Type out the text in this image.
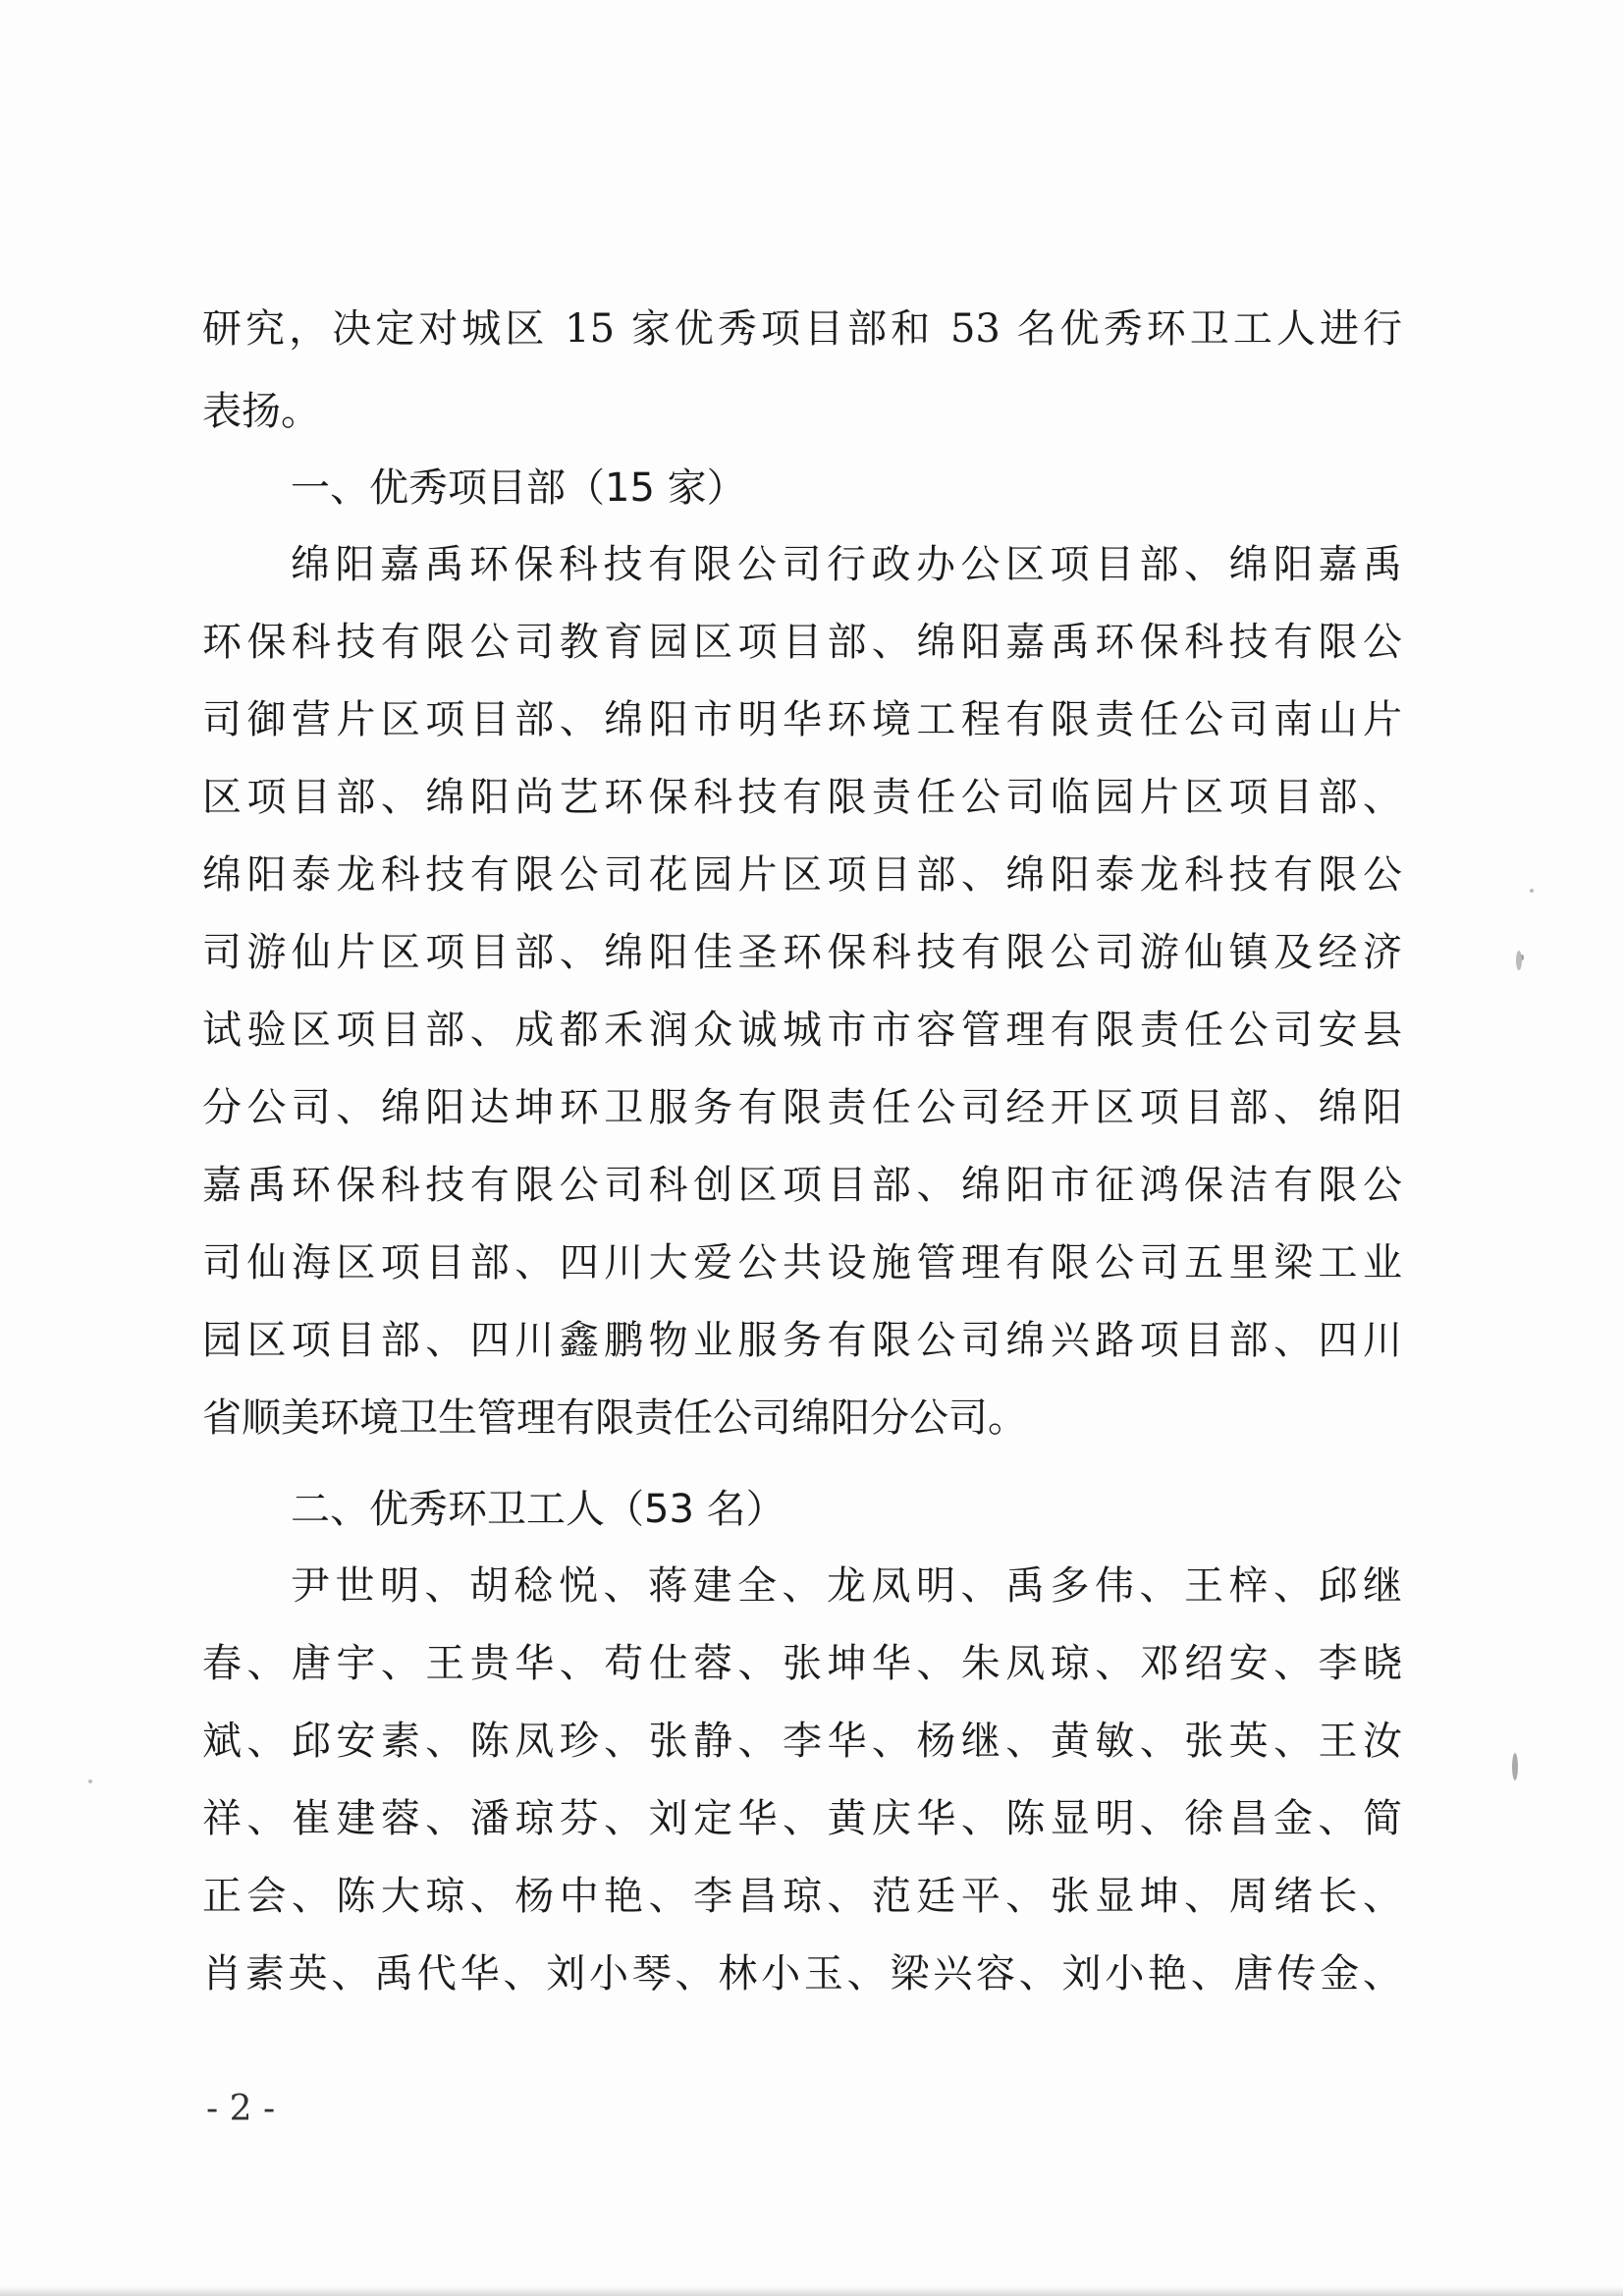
研究，决定对城区 15 家优秀项目部和 53 名优秀环卫工人进行
表扬。
一、优秀项目部（15 家）
绵阳嘉禹环保科技有限公司行政办公区项目部、绵阳嘉禹
环保科技有限公司教育园区项目部、绵阳嘉禹环保科技有限公
司御营片区项目部、绵阳市明华环境工程有限责任公司南山片
区项目部、绵阳尚艺环保科技有限责任公司临园片区项目部、
绵阳泰龙科技有限公司花园片区项目部、绵阳泰龙科技有限公
司游仙片区项目部、绵阳佳圣环保科技有限公司游仙镇及经济
试验区项目部、成都禾润众诚城市市容管理有限责任公司安县
分公司、绵阳达坤环卫服务有限责任公司经开区项目部、绵阳
嘉禹环保科技有限公司科创区项目部、绵阳市征鸿保洁有限公
司仙海区项目部、四川大爱公共设施管理有限公司五里梁工业
园区项目部、四川鑫鹏物业服务有限公司绵兴路项目部、四川
省顺美环境卫生管理有限责任公司绵阳分公司。
二、优秀环卫工人（53 名）
尹世明、胡稔悦、蒋建全、龙凤明、禹多伟、王梓、邱继
春、唐宇、王贵华、苟仕蓉、张坤华、朱凤琼、邓绍安、李晓
斌、邱安素、陈凤珍、张静、李华、杨继、黄敏、张英、王汝
祥、崔建蓉、潘琼芬、刘定华、黄庆华、陈显明、徐昌金、简
正会、陈大琼、杨中艳、李昌琼、范廷平、张显坤、周绪长、
肖素英、禹代华、刘小琴、林小玉、梁兴容、刘小艳、唐传金、
- 2 -
